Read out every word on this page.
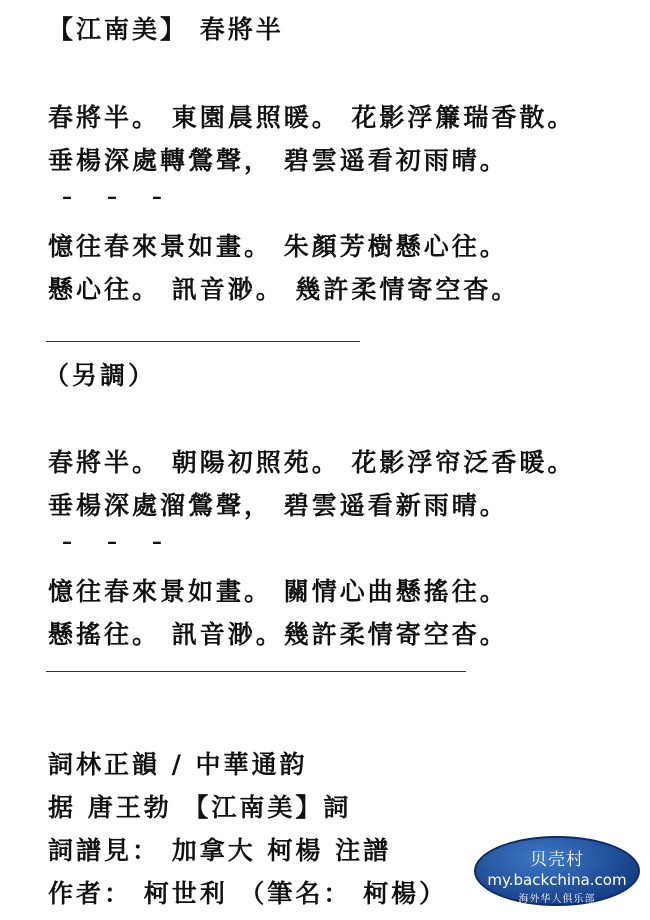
【江南美】 春將半
春將半。 東園晨照暖。 花影浮簾瑞香散。
垂楊深處轉鶯聲， 碧雲遥看初雨晴。
– – –
憶往春來景如畫。 朱顏芳樹懸心往。
懸心往。 訊音渺。 幾許柔情寄空杳。
（另調）
春將半。 朝陽初照苑。 花影浮帘泛香暖。
垂楊深處溜鶯聲， 碧雲遥看新雨晴。
– – –
憶往春來景如畫。 關情心曲懸搖往。
懸搖往。 訊音渺。幾許柔情寄空杳。
詞林正韻 / 中華通韵
据 唐王勃 【江南美】詞
詞譜見： 加拿大 柯楊 注譜
作者： 柯世利 （筆名： 柯楊）
贝壳村
my.backchina.com
海外华人俱乐部
